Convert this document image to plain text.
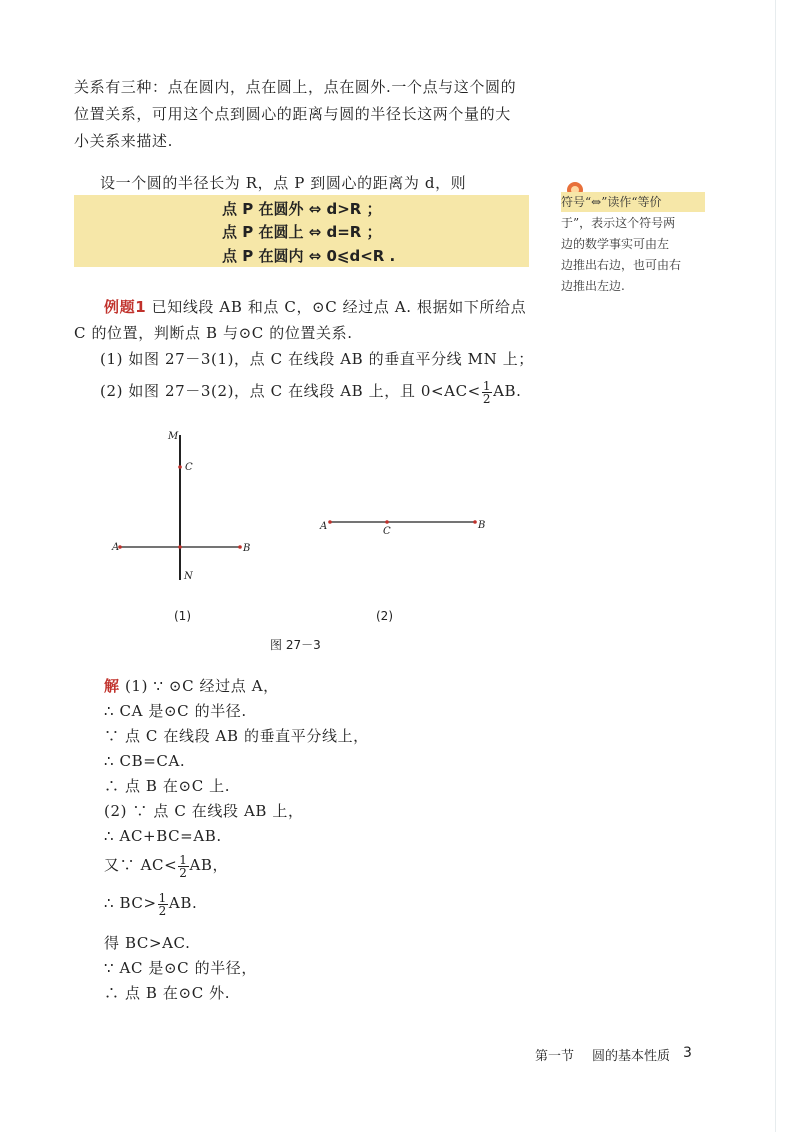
关系有三种：点在圆内，点在圆上，点在圆外.一个点与这个圆的
位置关系，可用这个点到圆心的距离与圆的半径长这两个量的大
小关系来描述.
设一个圆的半径长为 R，点 P 到圆心的距离为 d，则
点 P 在圆外 ⇔ d>R ；
点 P 在圆上 ⇔ d=R ；
点 P 在圆内 ⇔ 0⩽d<R .
符号“⇔”读作“等价
于”，表示这个符号两
边的数学事实可由左
边推出右边，也可由右
边推出左边.
例题1 已知线段 AB 和点 C，⊙C 经过点 A. 根据如下所给点
C 的位置，判断点 B 与⊙C 的位置关系.
(1) 如图 27－3(1)，点 C 在线段 AB 的垂直平分线 MN 上；
(2) 如图 27－3(2)，点 C 在线段 AB 上，且 $0<AC< \frac{1}{2}$ AB.
M
C
A	B
N
A	C
B
(1)	(2)
图 27－3
解 (1) ∵ ⊙C 经过点 A，
∴ CA 是⊙C 的半径.
∵ 点 C 在线段 AB 的垂直平分线上，
∴ CB=CA.
∴ 点 B 在⊙C 上.
(2) ∵ 点 C 在线段 AB 上，
∴ AC+BC=AB.
又∵ $AC< \frac{1}{2}$ AB，
∴ $BC> \frac{1}{2}$ AB.
得 BC>AC.
∵ AC 是⊙C 的半径，
∴ 点 B 在⊙C 外.
第一节 圆的基本性质 3
